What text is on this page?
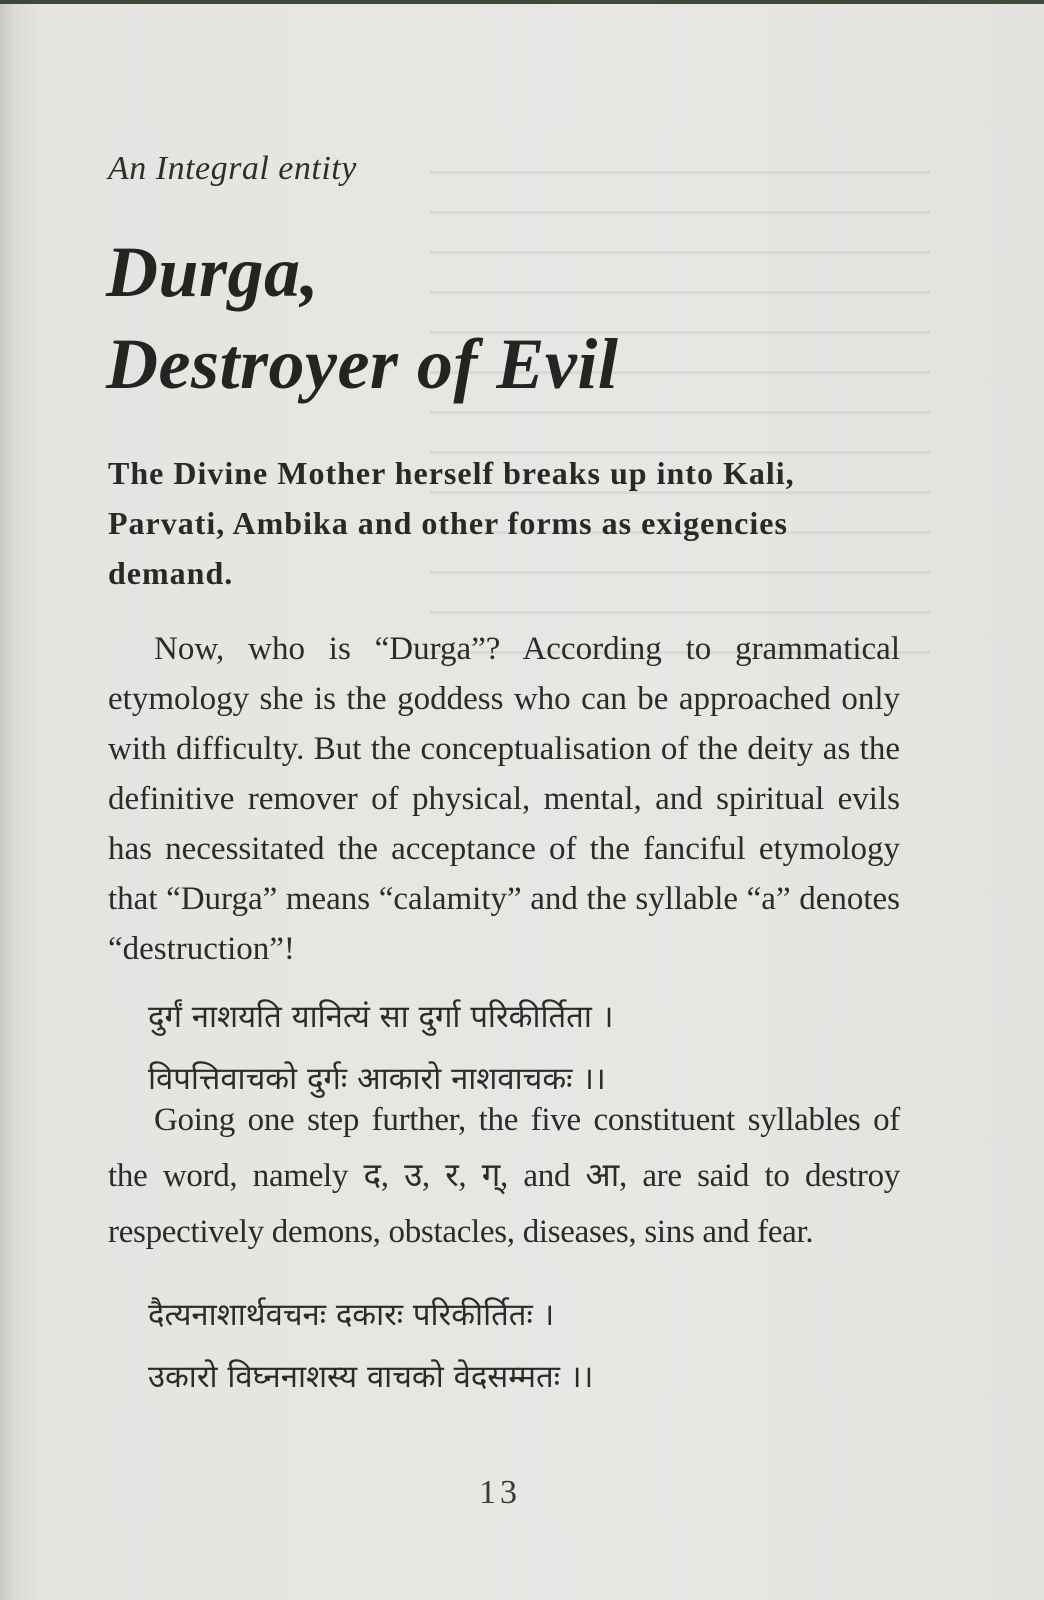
An Integral entity
Durga,
Destroyer of Evil
The Divine Mother herself breaks up into Kali, Parvati, Ambika and other forms as exigencies demand.
Now, who is “Durga”? According to grammatical etymology she is the goddess who can be approached only with difficulty. But the conceptualisation of the deity as the definitive remover of physical, mental, and spiritual evils has necessitated the acceptance of the fanciful etymology that “Durga” means “calamity” and the syllable “a” denotes “destruction”!
दुर्गं नाशयति यानित्यं सा दुर्गा परिकीर्तिता ।
विपत्तिवाचको दुर्गः आकारो नाशवाचकः ।।
Going one step further, the five constituent syllables of the word, namely द, उ, र, ग्, and आ, are said to destroy respectively demons, obstacles, diseases, sins and fear.
दैत्यनाशार्थवचनः दकारः परिकीर्तितः ।
उकारो विघ्ननाशस्य वाचको वेदसम्मतः ।।
13
